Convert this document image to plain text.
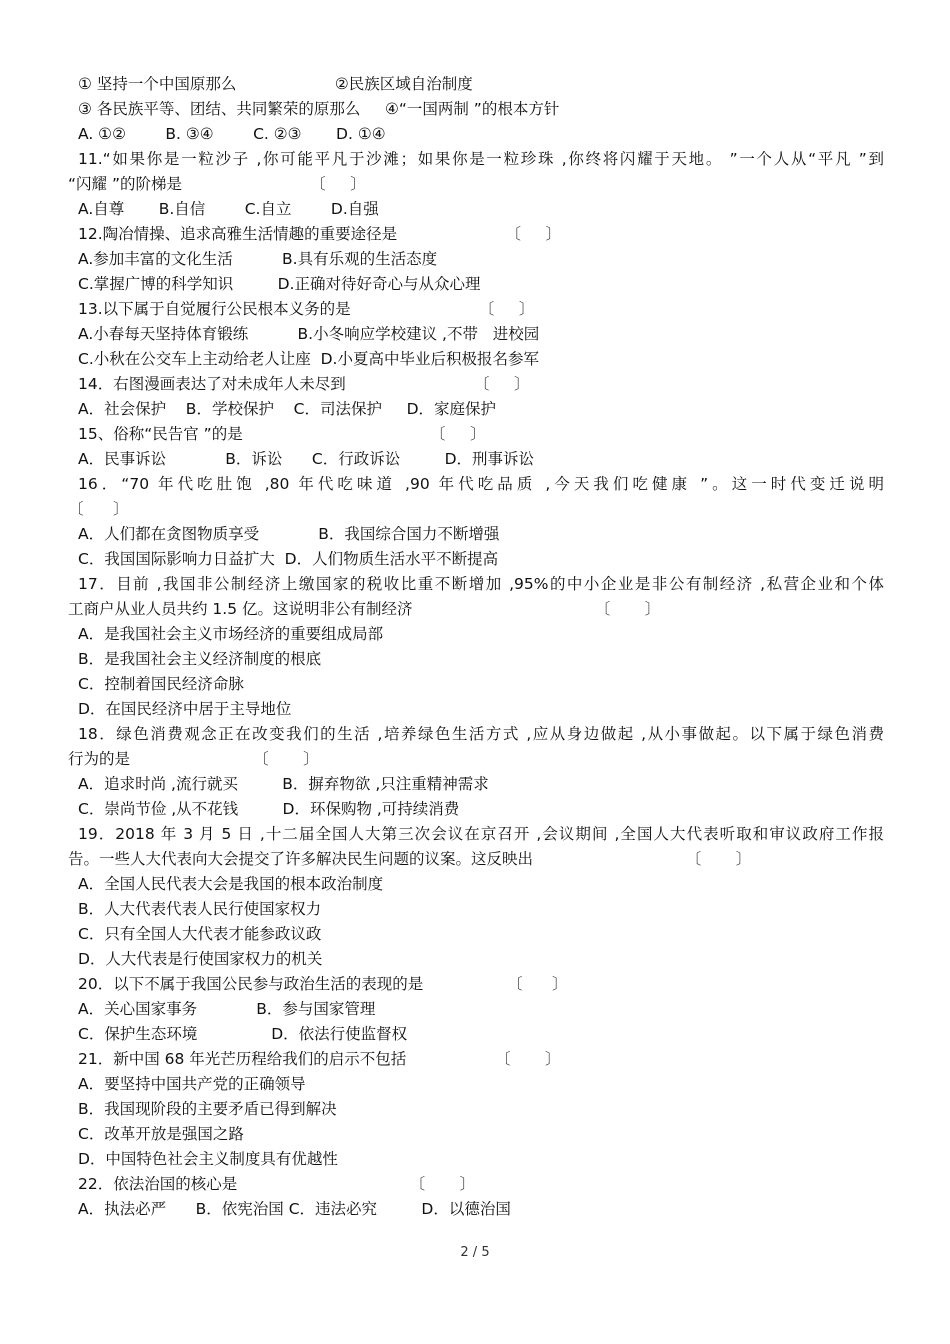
① 坚持一个中国原那么                    ②民族区域自治制度
③ 各民族平等、团结、共同繁荣的原那么     ④“一国两制 ”的根本方针
A. ①②        B. ③④        C. ②③       D. ①④
11.“如果你是一粒沙子 ,你可能平凡于沙滩；如果你是一粒珍珠 ,你终将闪耀于天地。 ”一个人从“平凡 ”到
“闪耀 ”的阶梯是                          〔     〕
A.自尊       B.自信        C.自立        D.自强
12.陶冶情操、追求高雅生活情趣的重要途径是                      〔     〕
A.参加丰富的文化生活          B.具有乐观的生活态度
C.掌握广博的科学知识         D.正确对待好奇心与从众心理
13.以下属于自觉履行公民根本义务的是                          〔     〕
A.小春每天坚持体育锻练          B.小冬响应学校建议 ,不带   进校园
C.小秋在公交车上主动给老人让座  D.小夏高中毕业后积极报名参军
14．右图漫画表达了对未成年人未尽到                          〔     〕
A．社会保护    B．学校保护    C．司法保护     D．家庭保护
15、俗称“民告官 ”的是                                      〔     〕
A．民事诉讼            B．诉讼      C．行政诉讼         D．刑事诉讼
16．“70 年代吃肚饱 ,80 年代吃味道 ,90 年代吃品质 ,今天我们吃健康 ”。这一时代变迁说明
〔      〕
A．人们都在贪图物质享受            B．我国综合国力不断增强
C．我国国际影响力日益扩大  D．人们物质生活水平不断提高
17．目前 ,我国非公制经济上缴国家的税收比重不断增加 ,95%的中小企业是非公有制经济 ,私营企业和个体
工商户从业人员共约 1.5 亿。这说明非公有制经济                                     〔       〕
A．是我国社会主义市场经济的重要组成局部
B．是我国社会主义经济制度的根底
C．控制着国民经济命脉
D．在国民经济中居于主导地位
18．绿色消费观念正在改变我们的生活 ,培养绿色生活方式 ,应从身边做起 ,从小事做起。以下属于绿色消费
行为的是                         〔       〕
A．追求时尚 ,流行就买         B．摒弃物欲 ,只注重精神需求
C．崇尚节俭 ,从不花钱         D．环保购物 ,可持续消费
19．2018 年 3 月 5 日 ,十二届全国人大第三次会议在京召开 ,会议期间 ,全国人大代表听取和审议政府工作报
告。一些人大代表向大会提交了许多解决民生问题的议案。这反映出                               〔       〕
A．全国人民代表大会是我国的根本政治制度
B．人大代表代表人民行使国家权力
C．只有全国人大代表才能参政议政
D．人大代表是行使国家权力的机关
20．以下不属于我国公民参与政治生活的表现的是                 〔      〕
A．关心国家事务            B．参与国家管理
C．保护生态环境               D．依法行使监督权
21．新中国 68 年光芒历程给我们的启示不包括                  〔       〕
A．要坚持中国共产党的正确领导
B．我国现阶段的主要矛盾已得到解决
C．改革开放是强国之路
D．中国特色社会主义制度具有优越性
22．依法治国的核心是                                   〔       〕
A．执法必严      B．依宪治国 C．违法必究         D．以德治国
2 / 5
